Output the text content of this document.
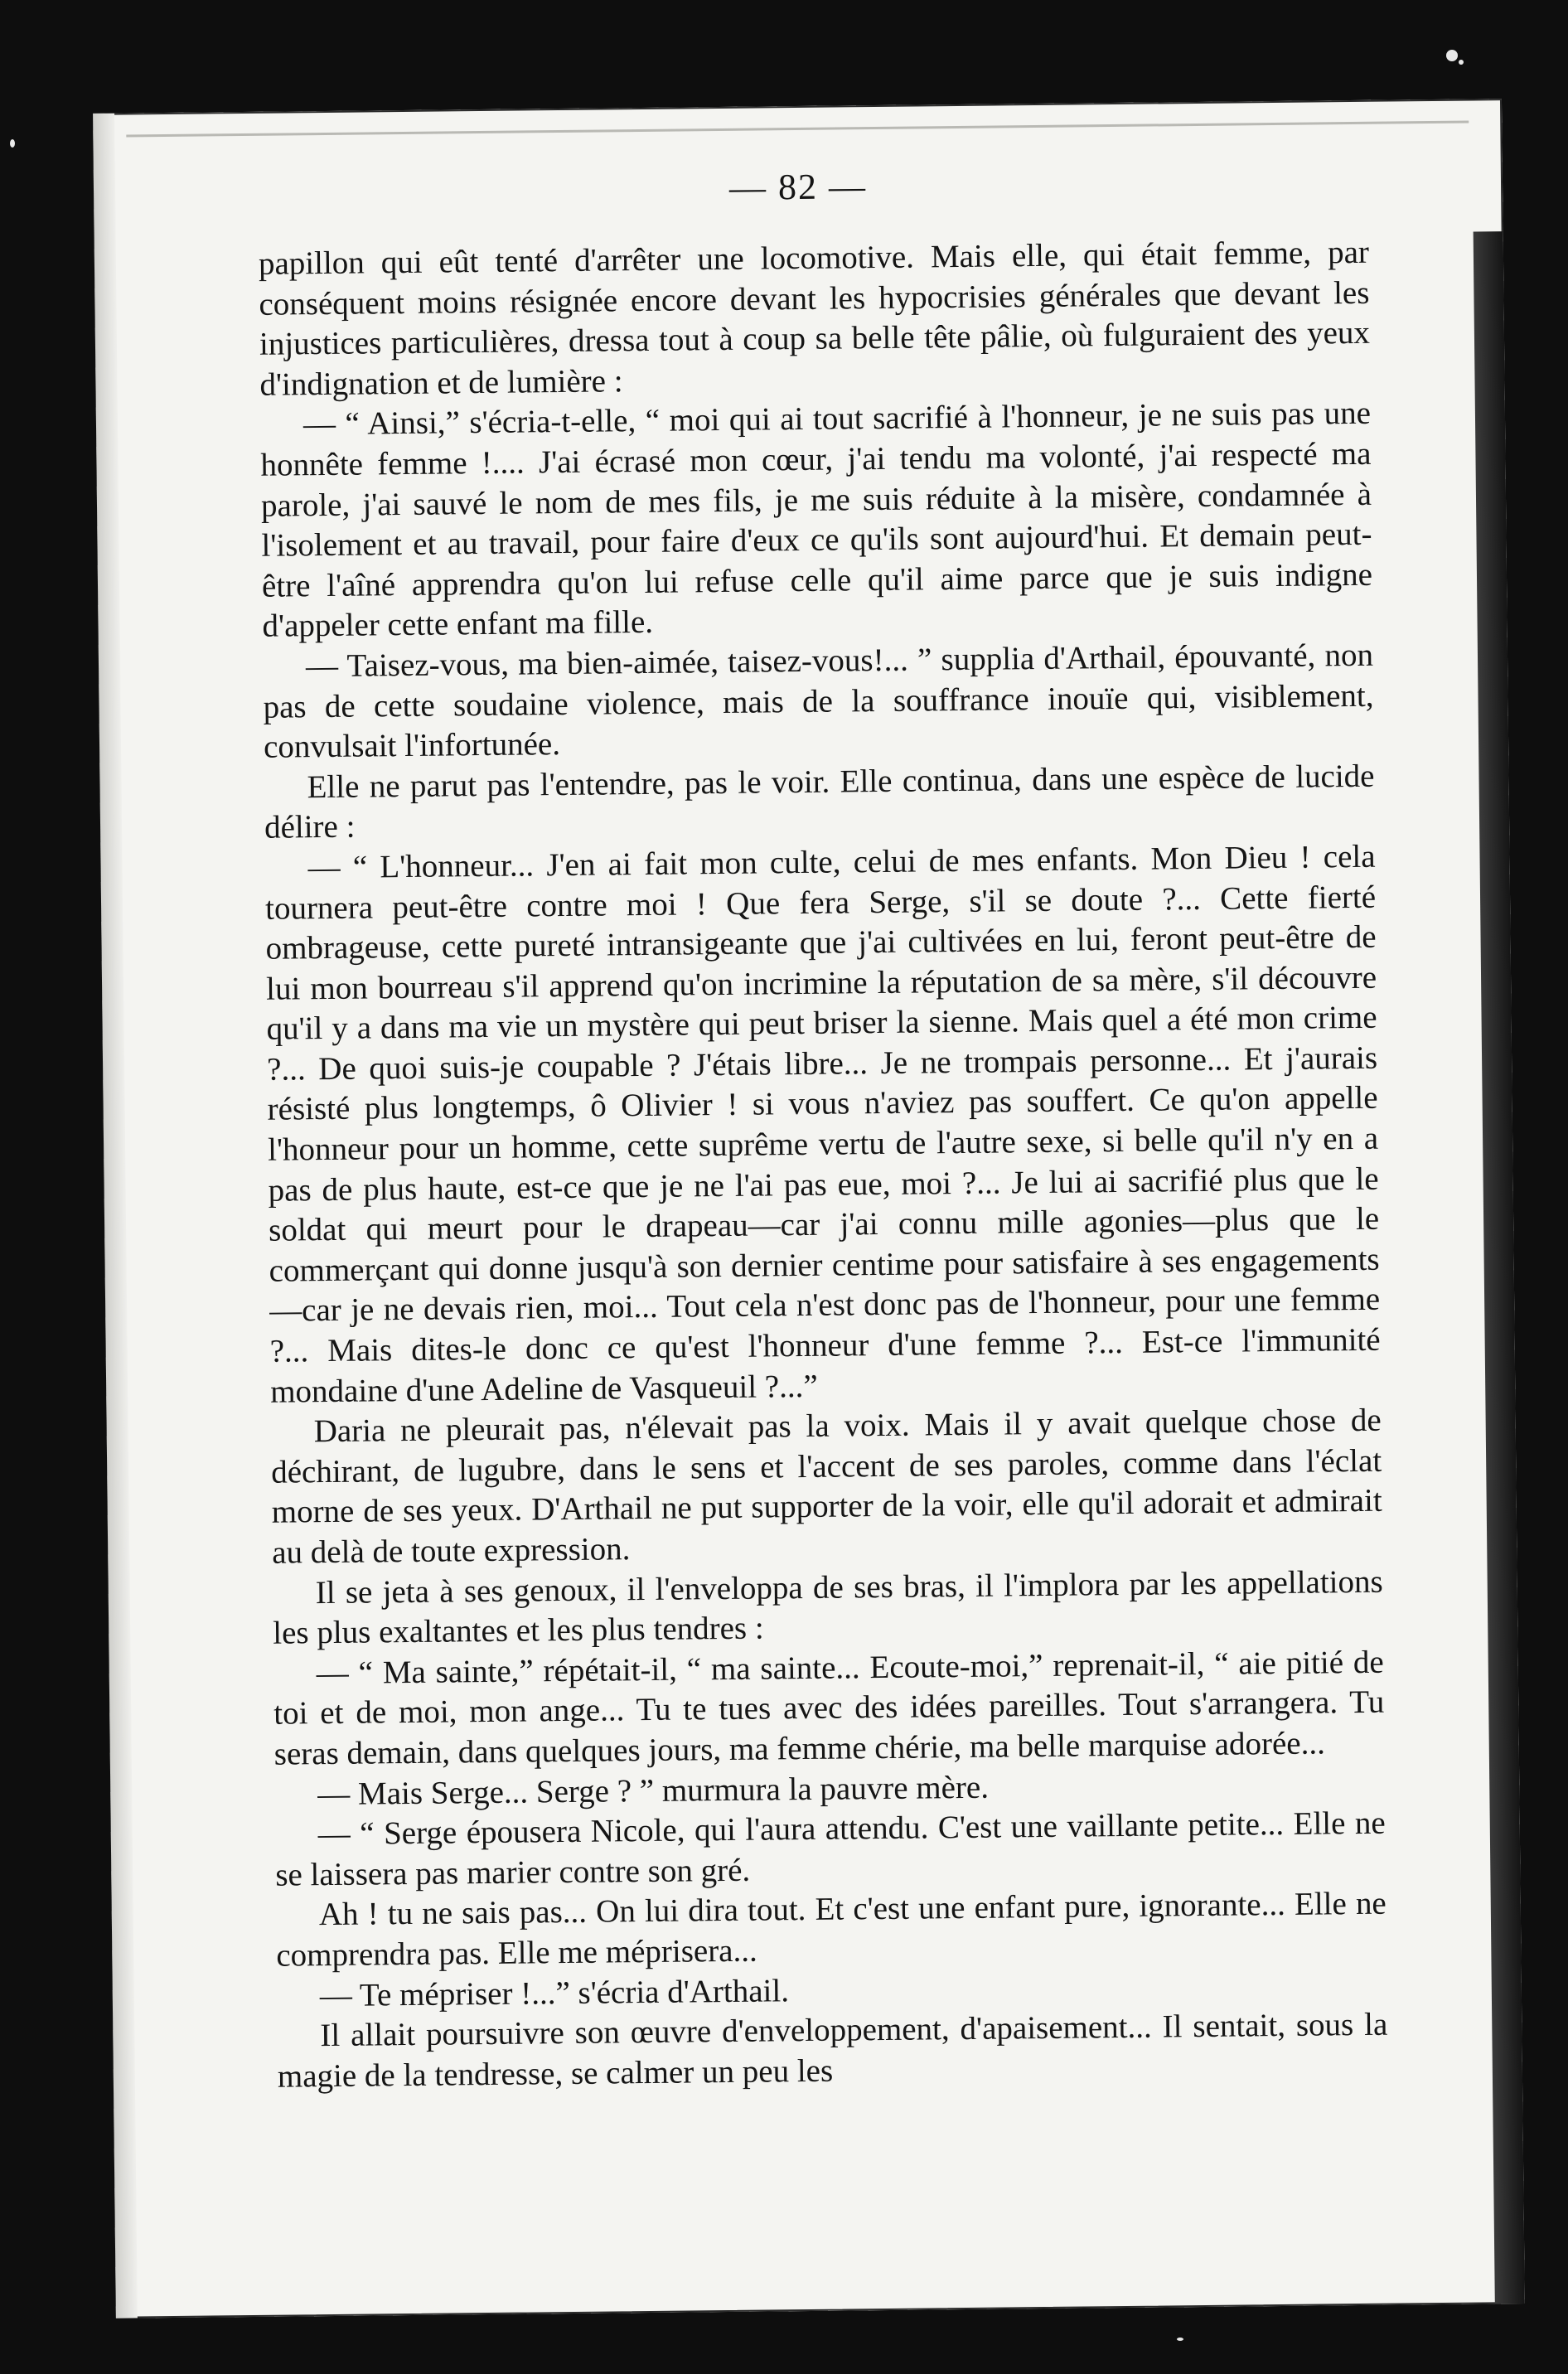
— 82 —

papillon qui eût tenté d'arrêter une locomotive. Mais elle, qui était femme, par conséquent moins résignée encore devant les hypocrisies générales que devant les injustices particulières, dressa tout à coup sa belle tête pâlie, où fulguraient des yeux d'indignation et de lumière :

— “ Ainsi,” s'écria-t-elle, “ moi qui ai tout sacrifié à l'honneur, je ne suis pas une honnête femme !.... J'ai écrasé mon cœur, j'ai tendu ma volonté, j'ai respecté ma parole, j'ai sauvé le nom de mes fils, je me suis réduite à la misère, condamnée à l'isolement et au travail, pour faire d'eux ce qu'ils sont aujourd'hui. Et demain peut-être l'aîné apprendra qu'on lui refuse celle qu'il aime parce que je suis indigne d'appeler cette enfant ma fille.

— Taisez-vous, ma bien-aimée, taisez-vous!... ” supplia d'Arthail, épouvanté, non pas de cette soudaine violence, mais de la souffrance inouïe qui, visiblement, convulsait l'infortunée.

Elle ne parut pas l'entendre, pas le voir. Elle continua, dans une espèce de lucide délire :

— “ L'honneur... J'en ai fait mon culte, celui de mes enfants. Mon Dieu ! cela tournera peut-être contre moi ! Que fera Serge, s'il se doute ?... Cette fierté ombrageuse, cette pureté intransigeante que j'ai cultivées en lui, feront peut-être de lui mon bourreau s'il apprend qu'on incrimine la réputation de sa mère, s'il découvre qu'il y a dans ma vie un mystère qui peut briser la sienne. Mais quel a été mon crime ?... De quoi suis-je coupable ? J'étais libre... Je ne trompais personne... Et j'aurais résisté plus longtemps, ô Olivier ! si vous n'aviez pas souffert. Ce qu'on appelle l'honneur pour un homme, cette suprême vertu de l'autre sexe, si belle qu'il n'y en a pas de plus haute, est-ce que je ne l'ai pas eue, moi ?... Je lui ai sacrifié plus que le soldat qui meurt pour le drapeau—car j'ai connu mille agonies—plus que le commerçant qui donne jusqu'à son dernier centime pour satisfaire à ses engagements—car je ne devais rien, moi... Tout cela n'est donc pas de l'honneur, pour une femme ?... Mais dites-le donc ce qu'est l'honneur d'une femme ?... Est-ce l'immunité mondaine d'une Adeline de Vasqueuil ?...”

Daria ne pleurait pas, n'élevait pas la voix. Mais il y avait quelque chose de déchirant, de lugubre, dans le sens et l'accent de ses paroles, comme dans l'éclat morne de ses yeux. D'Arthail ne put supporter de la voir, elle qu'il adorait et admirait au delà de toute expression.

Il se jeta à ses genoux, il l'enveloppa de ses bras, il l'implora par les appellations les plus exaltantes et les plus tendres :

— “ Ma sainte,” répétait-il, “ ma sainte... Ecoute-moi,” reprenait-il, “ aie pitié de toi et de moi, mon ange... Tu te tues avec des idées pareilles. Tout s'arrangera. Tu seras demain, dans quelques jours, ma femme chérie, ma belle marquise adorée...

— Mais Serge... Serge ? ” murmura la pauvre mère.

— “ Serge épousera Nicole, qui l'aura attendu. C'est une vaillante petite... Elle ne se laissera pas marier contre son gré.

Ah ! tu ne sais pas... On lui dira tout. Et c'est une enfant pure, ignorante... Elle ne comprendra pas. Elle me méprisera...

— Te mépriser !...” s'écria d'Arthail.

Il allait poursuivre son œuvre d'enveloppement, d'apaisement... Il sentait, sous la magie de la tendresse, se calmer un peu les
